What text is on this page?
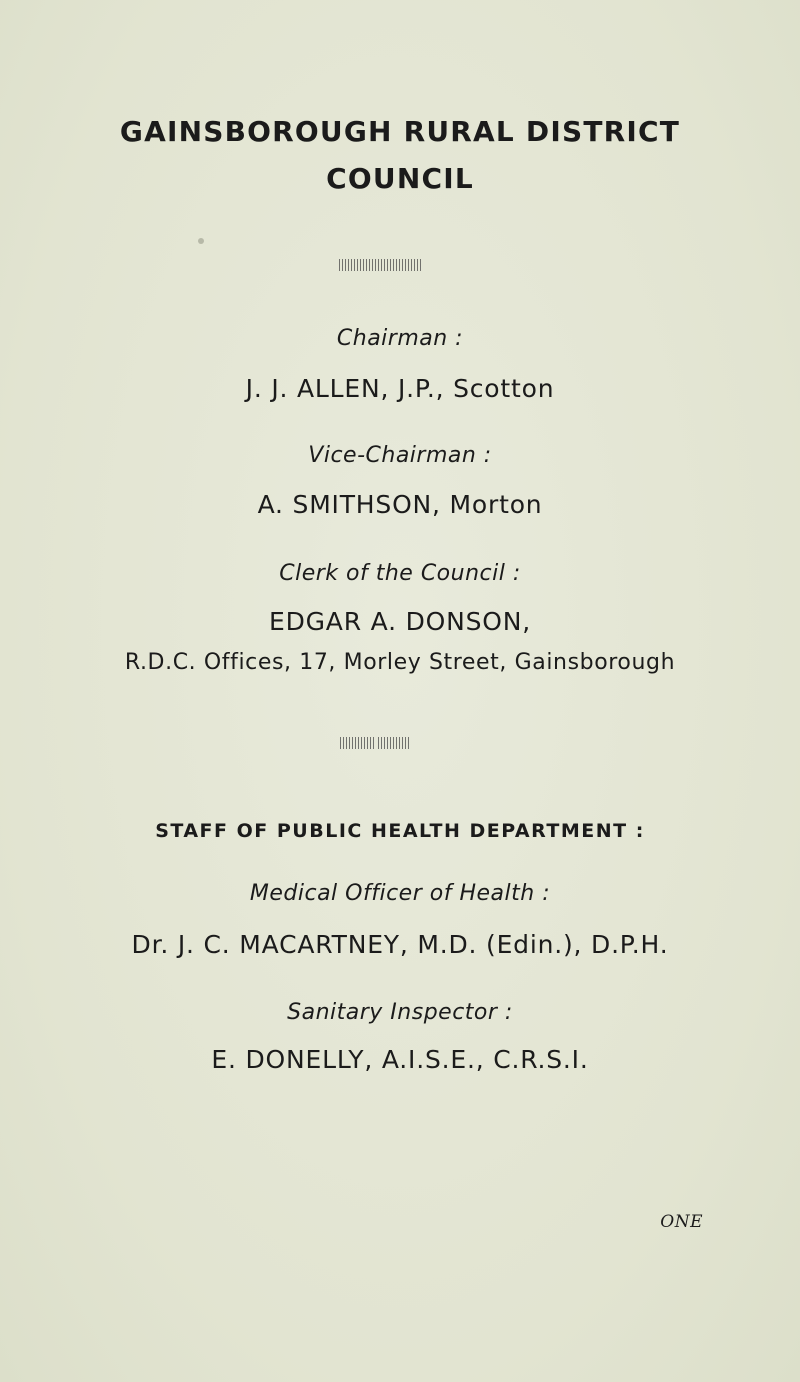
GAINSBOROUGH RURAL DISTRICT
COUNCIL
Chairman :
J. J. ALLEN, J.P., Scotton
Vice-Chairman :
A. SMITHSON, Morton
Clerk of the Council :
EDGAR A. DONSON,
R.D.C. Offices, 17, Morley Street, Gainsborough
STAFF OF PUBLIC HEALTH DEPARTMENT :
Medical Officer of Health :
Dr. J. C. MACARTNEY, M.D. (Edin.), D.P.H.
Sanitary Inspector :
E. DONELLY, A.I.S.E., C.R.S.I.
ONE
